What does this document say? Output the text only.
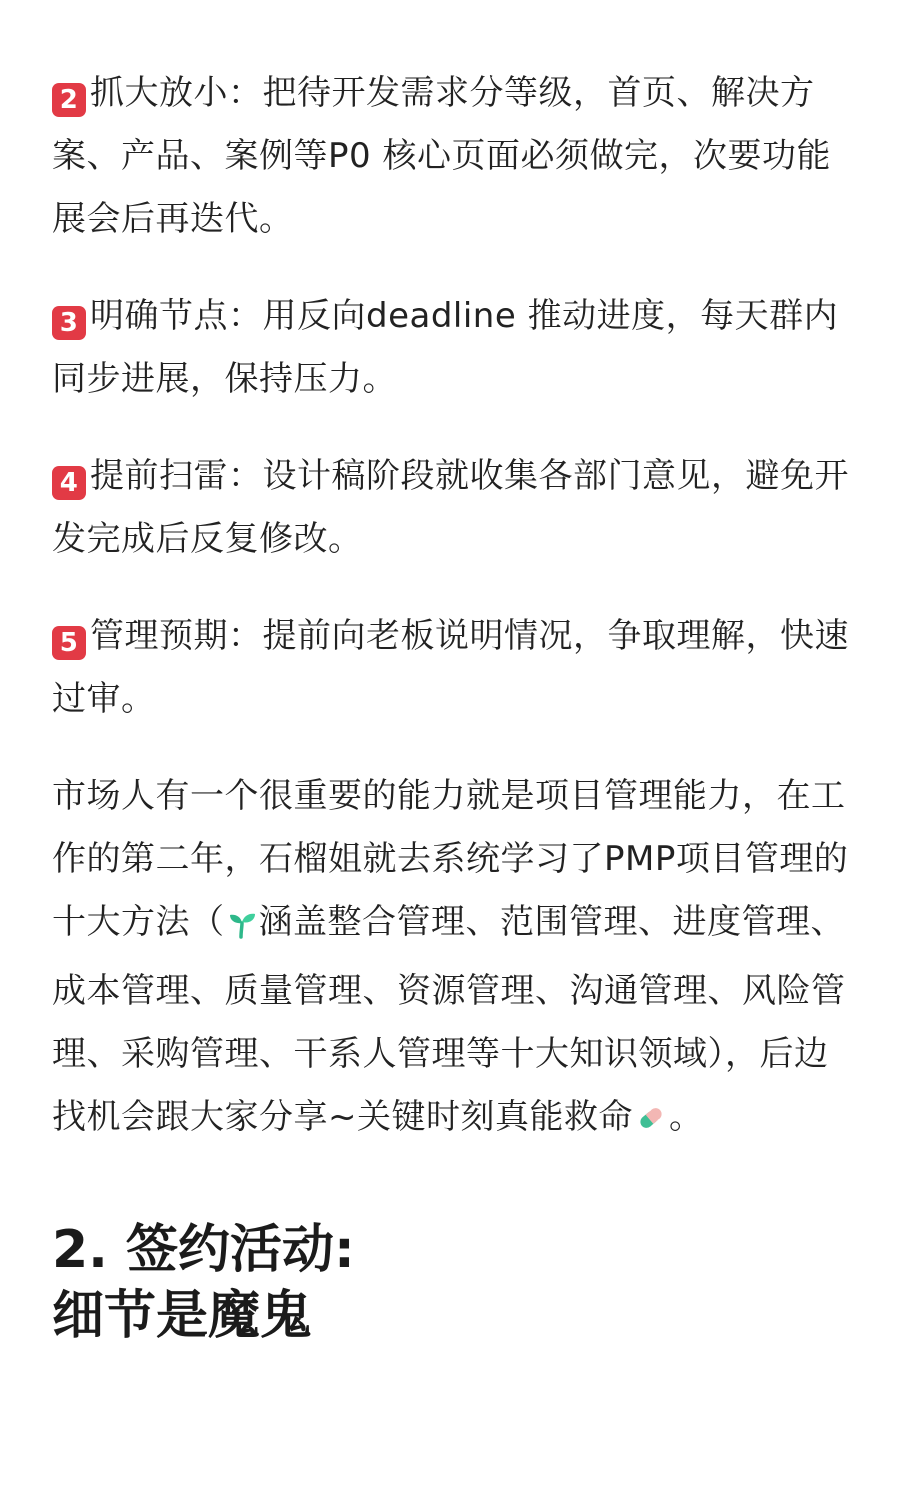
2 抓大放小：把待开发需求分等级，首页、解决方案、产品、案例等P0 核心页面必须做完，次要功能展会后再迭代。

3 明确节点：用反向deadline 推动进度，每天群内同步进展，保持压力。

4 提前扫雷：设计稿阶段就收集各部门意见，避免开发完成后反复修改。

5 管理预期：提前向老板说明情况，争取理解，快速过审。

市场人有一个很重要的能力就是项目管理能力，在工作的第二年，石榴姐就去系统学习了PMP项目管理的十大方法（ 涵盖整合管理、范围管理、进度管理、成本管理、质量管理、资源管理、沟通管理、风险管理、采购管理、干系人管理等十大知识领域），后边找机会跟大家分享~关键时刻真能救命 。

2. 签约活动:
细节是魔鬼
